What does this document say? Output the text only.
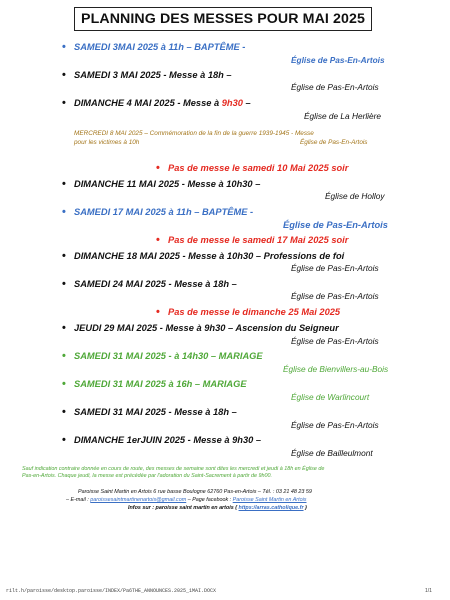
PLANNING DES MESSES POUR MAI 2025
• SAMEDI 3MAI 2025 à 11h – BAPTÊME -
Église de Pas-En-Artois
• SAMEDI 3 MAI 2025 - Messe à 18h –
Église de Pas-En-Artois
• DIMANCHE 4 MAI 2025 - Messe à 9h30 –
Église de La Herlière
MERCREDI 8 MAI 2025 – Commémoration de la fin de la guerre 1939-1945 - Messe
pour les victimes à 10h	Église de Pas-En-Artois
• Pas de messe le samedi 10 Mai 2025 soir
• DIMANCHE 11 MAI 2025 - Messe à 10h30 –
Église de Holloy
• SAMEDI 17 MAI 2025 à 11h – BAPTÊME -
Église de Pas-En-Artois
• Pas de messe le samedi 17 Mai 2025 soir
• DIMANCHE 18 MAI 2025 - Messe à 10h30 – Professions de foi
Église de Pas-En-Artois
• SAMEDI 24 MAI 2025 - Messe à 18h –
Église de Pas-En-Artois
• Pas de messe le dimanche 25 Mai 2025
• JEUDI 29 MAI 2025 - Messe à 9h30 – Ascension du Seigneur
Église de Pas-En-Artois
• SAMEDI 31 MAI 2025 - à 14h30 – MARIAGE
Église de Bienvillers-au-Bois
• SAMEDI 31 MAI 2025 à 16h – MARIAGE
Église de Warlincourt
• SAMEDI 31 MAI 2025 - Messe à 18h –
Église de Pas-En-Artois
• DIMANCHE 1erJUIN 2025 - Messe à 9h30 –
Église de Bailleulmont
Sauf indication contraire donnée en cours de route, des messes de semaine sont dites les mercredi et jeudi à 18h en Église de
Pas-en-Artois. Chaque jeudi, la messe est précédée par l'adoration du Saint-Sacrement à partir de 9h00.
Paroisse Saint Martin en Artois 6 rue basse Boulogne 62760 Pas-en-Artois – Tél. : 03 21 48 23 59
– E-mail : paroissesaintmartinenartois@gmail.com – Page facebook : Paroisse Saint Martin en Artois
Infos sur : paroisse saint martin en artois ( https://arras.catholique.fr )
rilt.h/paroisse/desktop.paroisse/INDEX/Pa6THE_ANNOUNCES.2025_1MAI.DOCX	1/1
